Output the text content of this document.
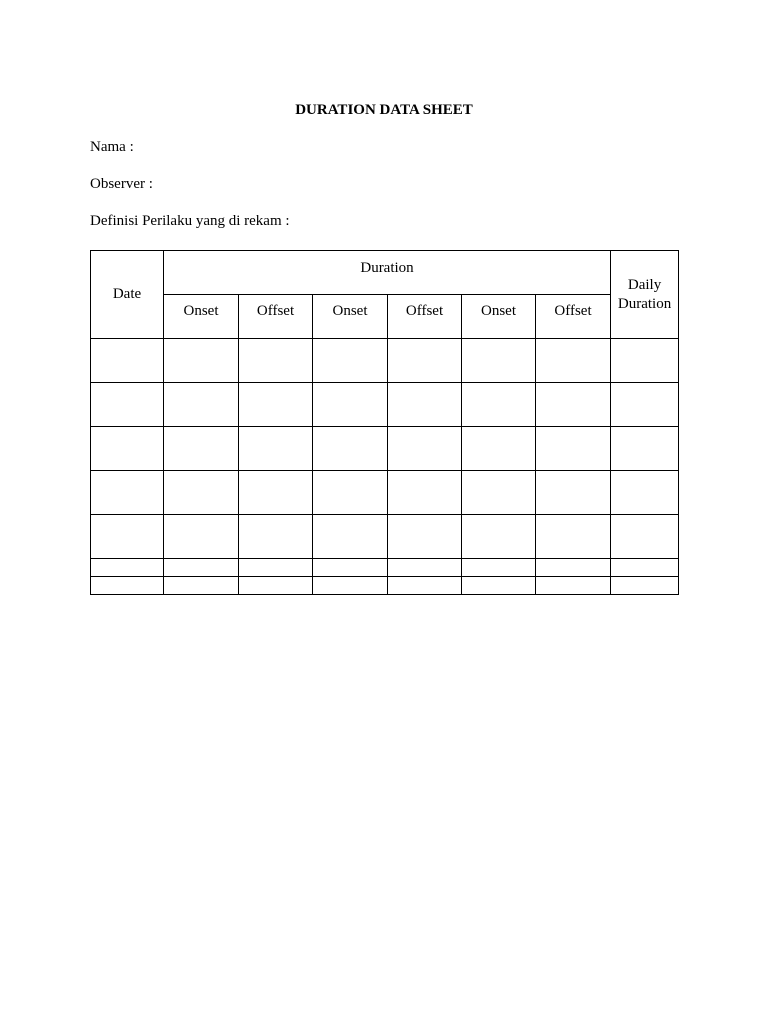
DURATION DATA SHEET
Nama :
Observer :
Definisi Perilaku yang di rekam :
Date	Duration						Daily
Duration
	Onset	Offset	Onset	Offset	Onset	Offset	
